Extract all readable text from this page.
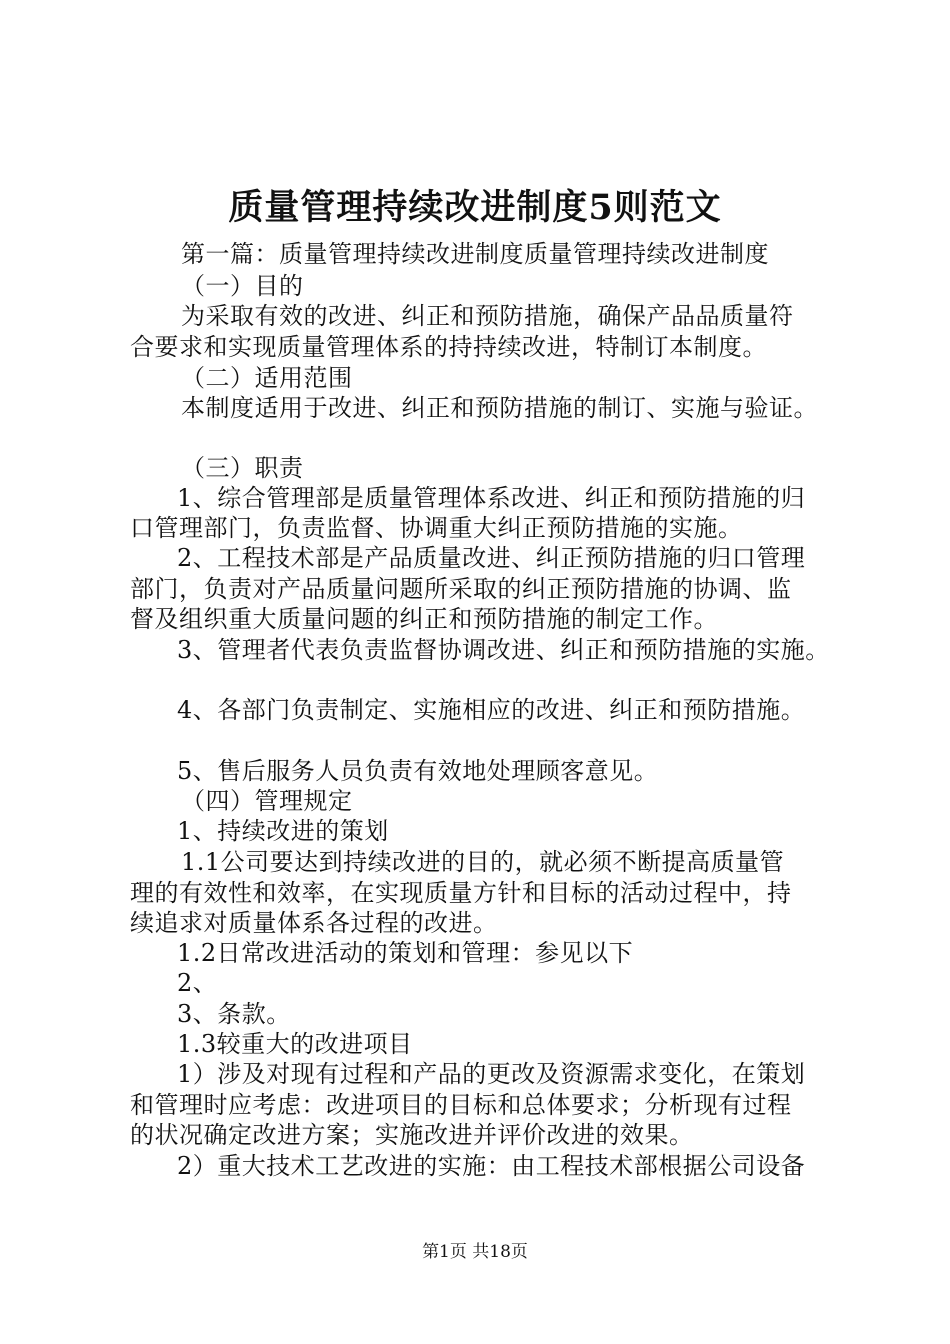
质量管理持续改进制度5则范文
第一篇：质量管理持续改进制度质量管理持续改进制度
（一）目的
为采取有效的改进、纠正和预防措施，确保产品品质量符
合要求和实现质量管理体系的持持续改进，特制订本制度。
（二）适用范围
本制度适用于改进、纠正和预防措施的制订、实施与验证。
（三）职责
1、综合管理部是质量管理体系改进、纠正和预防措施的归
口管理部门，负责监督、协调重大纠正预防措施的实施。
2、工程技术部是产品质量改进、纠正预防措施的归口管理
部门，负责对产品质量问题所采取的纠正预防措施的协调、监
督及组织重大质量问题的纠正和预防措施的制定工作。
3、管理者代表负责监督协调改进、纠正和预防措施的实施。
4、各部门负责制定、实施相应的改进、纠正和预防措施。
5、售后服务人员负责有效地处理顾客意见。
（四）管理规定
1、持续改进的策划
1.1公司要达到持续改进的目的，就必须不断提高质量管
理的有效性和效率，在实现质量方针和目标的活动过程中，持
续追求对质量体系各过程的改进。
1.2日常改进活动的策划和管理：参见以下
2、
3、条款。
1.3较重大的改进项目
1）涉及对现有过程和产品的更改及资源需求变化，在策划
和管理时应考虑：改进项目的目标和总体要求；分析现有过程
的状况确定改进方案；实施改进并评价改进的效果。
2）重大技术工艺改进的实施：由工程技术部根据公司设备
第1页 共18页
